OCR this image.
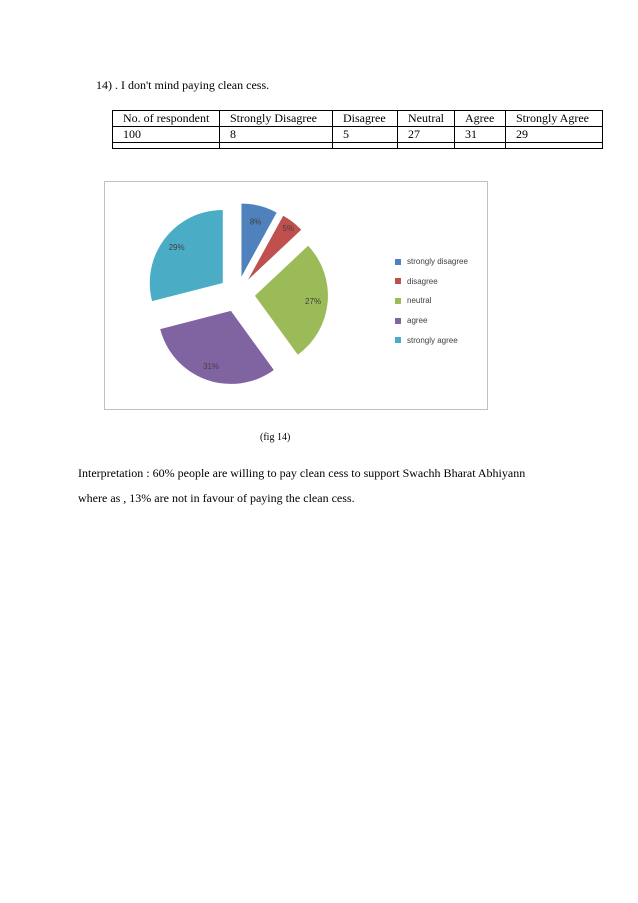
14) . I don't mind paying clean cess.
No. of respondent	Strongly Disagree	Disagree	Neutral	Agree	Strongly Agree
100	8	5	27	31	29

8%
5%
27%
31%
29%
strongly disagree
disagree
neutral
agree
strongly agree
(fig 14)

Interpretation : 60% people are willing to pay clean cess to support Swachh Bharat Abhiyann

where as , 13% are not in favour of paying the clean cess.
